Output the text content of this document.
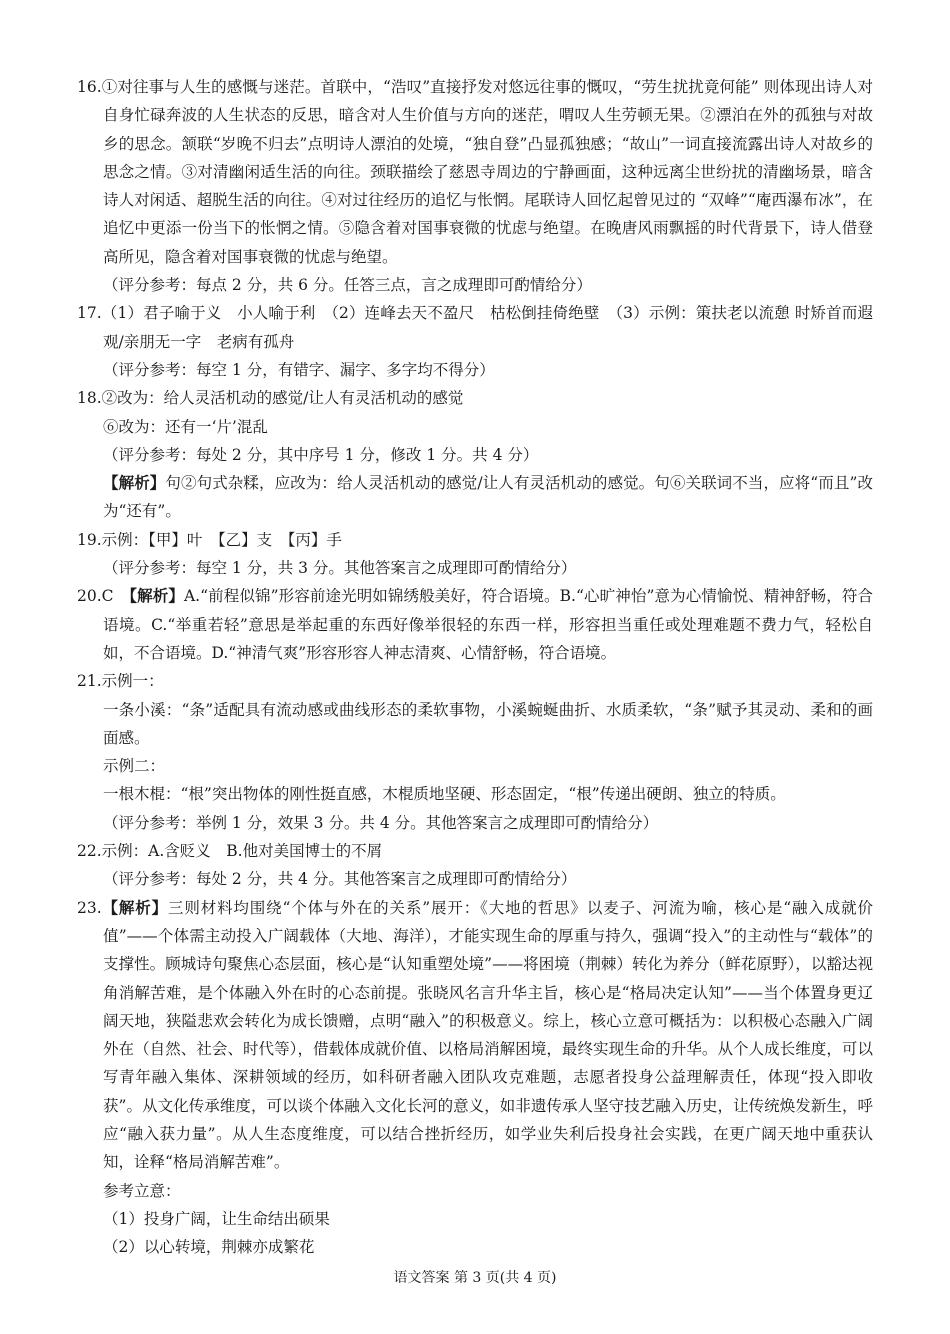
16.①对往事与人生的感慨与迷茫。首联中，“浩叹”直接抒发对悠远往事的慨叹，“劳生扰扰竟何能” 则体现出诗人对自身忙碌奔波的人生状态的反思，暗含对人生价值与方向的迷茫，喟叹人生劳顿无果。②漂泊在外的孤独与对故乡的思念。颔联“岁晚不归去”点明诗人漂泊的处境，“独自登”凸显孤独感；“故山”一词直接流露出诗人对故乡的思念之情。③对清幽闲适生活的向往。颈联描绘了慈恩寺周边的宁静画面，这种远离尘世纷扰的清幽场景，暗含诗人对闲适、超脱生活的向往。④对过往经历的追忆与怅惘。尾联诗人回忆起曾见过的 “双峰”“庵西瀑布冰”，在追忆中更添一份当下的怅惘之情。⑤隐含着对国事衰微的忧虑与绝望。在晚唐风雨飘摇的时代背景下，诗人借登高所见，隐含着对国事衰微的忧虑与绝望。

（评分参考：每点 2 分，共 6 分。任答三点，言之成理即可酌情给分）

17.（1）君子喻于义　小人喻于利　（2）连峰去天不盈尺　枯松倒挂倚绝壁　（3）示例：策扶老以流憩 时矫首而遐观/亲朋无一字　老病有孤舟

（评分参考：每空 1 分，有错字、漏字、多字均不得分）

18.②改为：给人灵活机动的感觉/让人有灵活机动的感觉

⑥改为：还有一‘片’混乱

（评分参考：每处 2 分，其中序号 1 分，修改 1 分。共 4 分）

【解析】句②句式杂糅，应改为：给人灵活机动的感觉/让人有灵活机动的感觉。句⑥关联词不当，应将“而且”改为“还有”。

19.示例：【甲】叶　【乙】支　【丙】手

（评分参考：每空 1 分，共 3 分。其他答案言之成理即可酌情给分）

20.C　【解析】A.“前程似锦”形容前途光明如锦绣般美好，符合语境。B.“心旷神怡”意为心情愉悦、精神舒畅，符合语境。C.“举重若轻”意思是举起重的东西好像举很轻的东西一样，形容担当重任或处理难题不费力气，轻松自如，不合语境。D.“神清气爽”形容形容人神志清爽、心情舒畅，符合语境。

21.示例一：

一条小溪：“条”适配具有流动感或曲线形态的柔软事物，小溪蜿蜒曲折、水质柔软，“条”赋予其灵动、柔和的画面感。

示例二：

一根木棍：“根”突出物体的刚性挺直感，木棍质地坚硬、形态固定，“根”传递出硬朗、独立的特质。

（评分参考：举例 1 分，效果 3 分。共 4 分。其他答案言之成理即可酌情给分）

22.示例：A.含贬义　B.他对美国博士的不屑

（评分参考：每处 2 分，共 4 分。其他答案言之成理即可酌情给分）

23.【解析】三则材料均围绕“个体与外在的关系”展开：《大地的哲思》以麦子、河流为喻，核心是“融入成就价值”——个体需主动投入广阔载体（大地、海洋），才能实现生命的厚重与持久，强调“投入”的主动性与“载体”的支撑性。顾城诗句聚焦心态层面，核心是“认知重塑处境”——将困境（荆棘）转化为养分（鲜花原野），以豁达视角消解苦难，是个体融入外在时的心态前提。张晓风名言升华主旨，核心是“格局决定认知”——当个体置身更辽阔天地，狭隘悲欢会转化为成长馈赠，点明“融入”的积极意义。综上，核心立意可概括为：以积极心态融入广阔外在（自然、社会、时代等），借载体成就价值、以格局消解困境，最终实现生命的升华。从个人成长维度，可以写青年融入集体、深耕领域的经历，如科研者融入团队攻克难题，志愿者投身公益理解责任，体现“投入即收获”。从文化传承维度，可以谈个体融入文化长河的意义，如非遗传承人坚守技艺融入历史，让传统焕发新生，呼应“融入获力量”。从人生态度维度，可以结合挫折经历，如学业失利后投身社会实践，在更广阔天地中重获认知，诠释“格局消解苦难”。

参考立意：

（1）投身广阔，让生命结出硕果

（2）以心转境，荆棘亦成繁花

语文答案 第 3 页(共 4 页)
